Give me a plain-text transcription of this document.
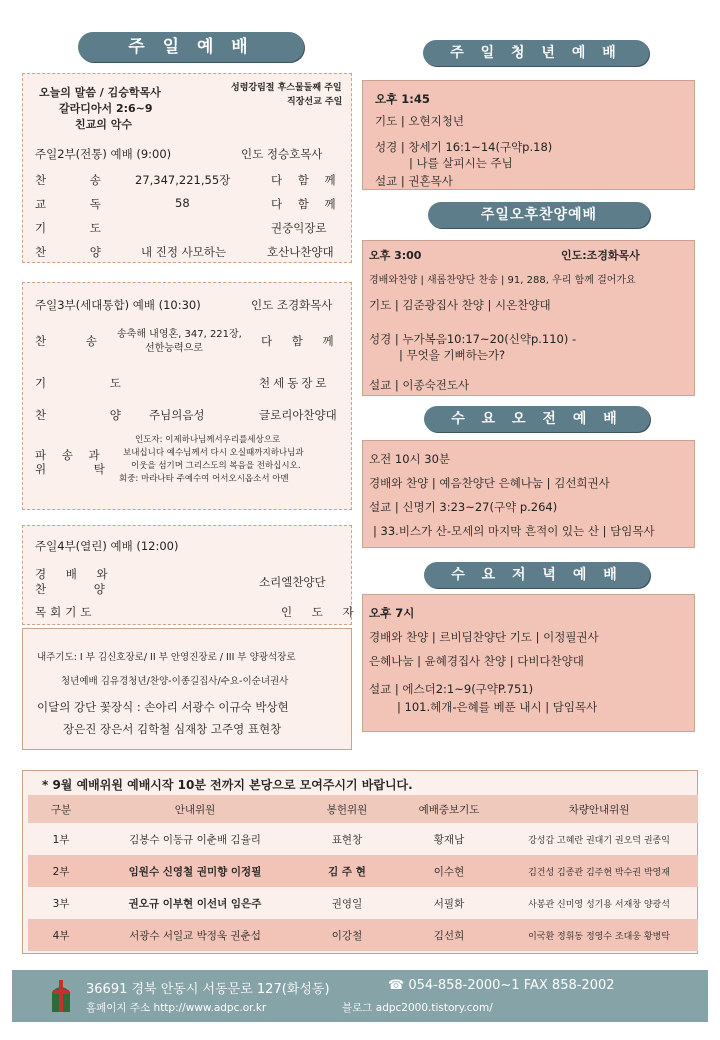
주 일 예 배
오늘의 말씀 / 김승학목사
갈라디아서 2:6~9
친교의 악수
성령강림절 후스물둘째 주일
직장선교 주일
주일2부(전통) 예배 (9:00)	인도 정승호목사
찬 송 27,347,221,55장	다 함 께
교 독	58	다 함 께
기 도	권중익장로
찬 양 내 진정 사모하는	호산나찬양대
주일3부(세대통합) 예배 (10:30)	인도 조경화목사
찬 송 송축해 내영혼, 347, 221장,
선한능력으로
다 함 께
기 도	천세동장로
찬 양
주님의음성	글로리아찬양대
파 송 과
위 탁
인도자: 이제하나님께서우리를세상으로
보내십니다 예수님께서 다시 오실때까지하나님과
이웃을 섬기며 그리스도의 복음을 전하십시오.
회중: 마라나타 주예수여 어서오시옵소서 아멘
주일4부(열린) 예배 (12:00)
경 배 와
찬 양	소리엘찬양단
목회기도	인 도 자
내주기도: I 부 김신호장로/ II 부 안영진장로 / III 부 양광석장로
청년예배 김유경청년/찬양-이종길집사/수요-이순녀권사
이달의 강단 꽃장식 : 손아리 서광수 이규숙 박상현
장은진 장은서 김학철 심재창 고주영 표현창
주 일 청 년 예 배
오후 1:45
기도 | 오현지청년
성경 | 창세기 16:1~14(구약p.18)
| 나를 살피시는 주님
설교 | 권혼목사
주일오후찬양예배
오후 3:00	인도:조경화목사
경배와찬양 | 새롭찬양단 찬송 | 91, 288, 우리 함께 걸어가요
기도 | 김준광집사 찬양 | 시온찬양대
성경 | 누가복음10:17~20(신약p.110) -
| 무엇을 기뻐하는가?
설교 | 이종숙전도사
수 요 오 전 예 배
오전 10시 30분
경배와 찬양 | 예음찬양단 은혜나눔 | 김선희권사
설교 | 신명기 3:23~27(구약 p.264)
| 33.비스가 산-모세의 마지막 흔적이 있는 산 | 담임목사
수 요 저 녁 예 배
오후 7시
경배와 찬양 | 르비딤찬양단 기도 | 이정필권사
은혜나눔 | 윤혜경집사 찬양 | 다비다찬양대
설교 | 에스더2:1~9(구약P.751)
| 101.헤개-은혜를 베푼 내시 | 담임목사
* 9월 예배위원 예배시작 10분 전까지 본당으로 모여주시기 바랍니다.
구분	안내위원	봉헌위원	예배중보기도	차량안내위원
1부	김봉수 이동규 이춘배 김율리	표현창	황재남	강성갑 고혜란 권대기 권오덕 권종익
2부	임원수 신영철 권미향 이정필	김 주 현	이수현	김건성 김종관 김주현 박수권 박영재
3부	권오규 이부현 이선녀 임은주	권영일	서필화	사봉관 신미영 성기용 서재창 양광석
4부	서광수 서일교 박정욱 권춘섭	이강철	김선희	이국환 정휘동 정영수 조대웅 황병탁
36691 경북 안동시 서동문로 127(화성동)	☎ 054-858-2000~1 FAX 858-2002
홈페이지 주소 http://www.adpc.or.kr	블로그 adpc2000.tistory.com/
